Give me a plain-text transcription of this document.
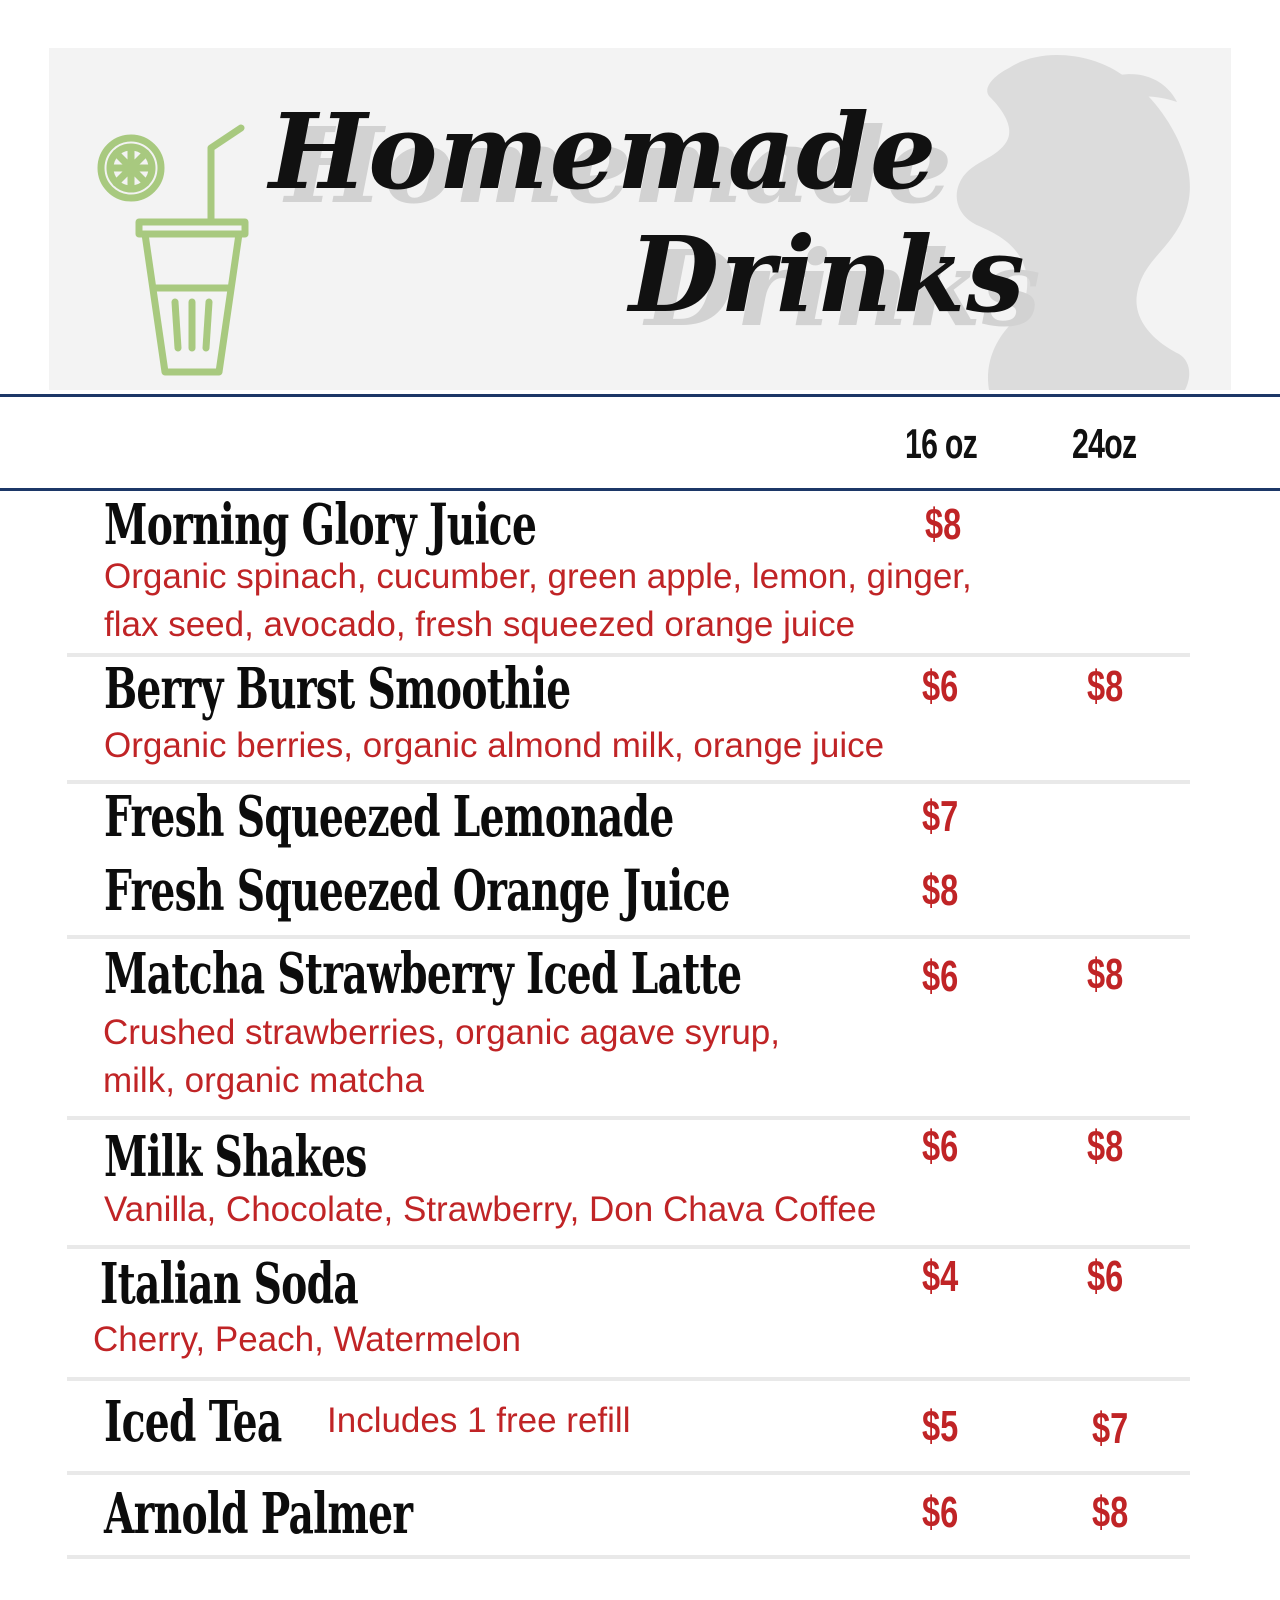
Homemade
Drinks

16 oz 24oz

Morning Glory Juice	$8

Organic spinach, cucumber, green apple, lemon, ginger,

flax seed, avocado, fresh squeezed orange juice

Berry Burst Smoothie	$6	$8

Organic berries, organic almond milk, orange juice

Fresh Squeezed Lemonade	$7

Fresh Squeezed Orange Juice	$8

Matcha Strawberry Iced Latte	$6	$8

Crushed strawberries, organic agave syrup,

milk, organic matcha

Milk Shakes	$6	$8

Vanilla, Chocolate, Strawberry, Don Chava Coffee

Italian Soda	$4	$6

Cherry, Peach, Watermelon

Iced Tea Includes 1 free refill	$5	$7

Arnold Palmer	$6	$8
